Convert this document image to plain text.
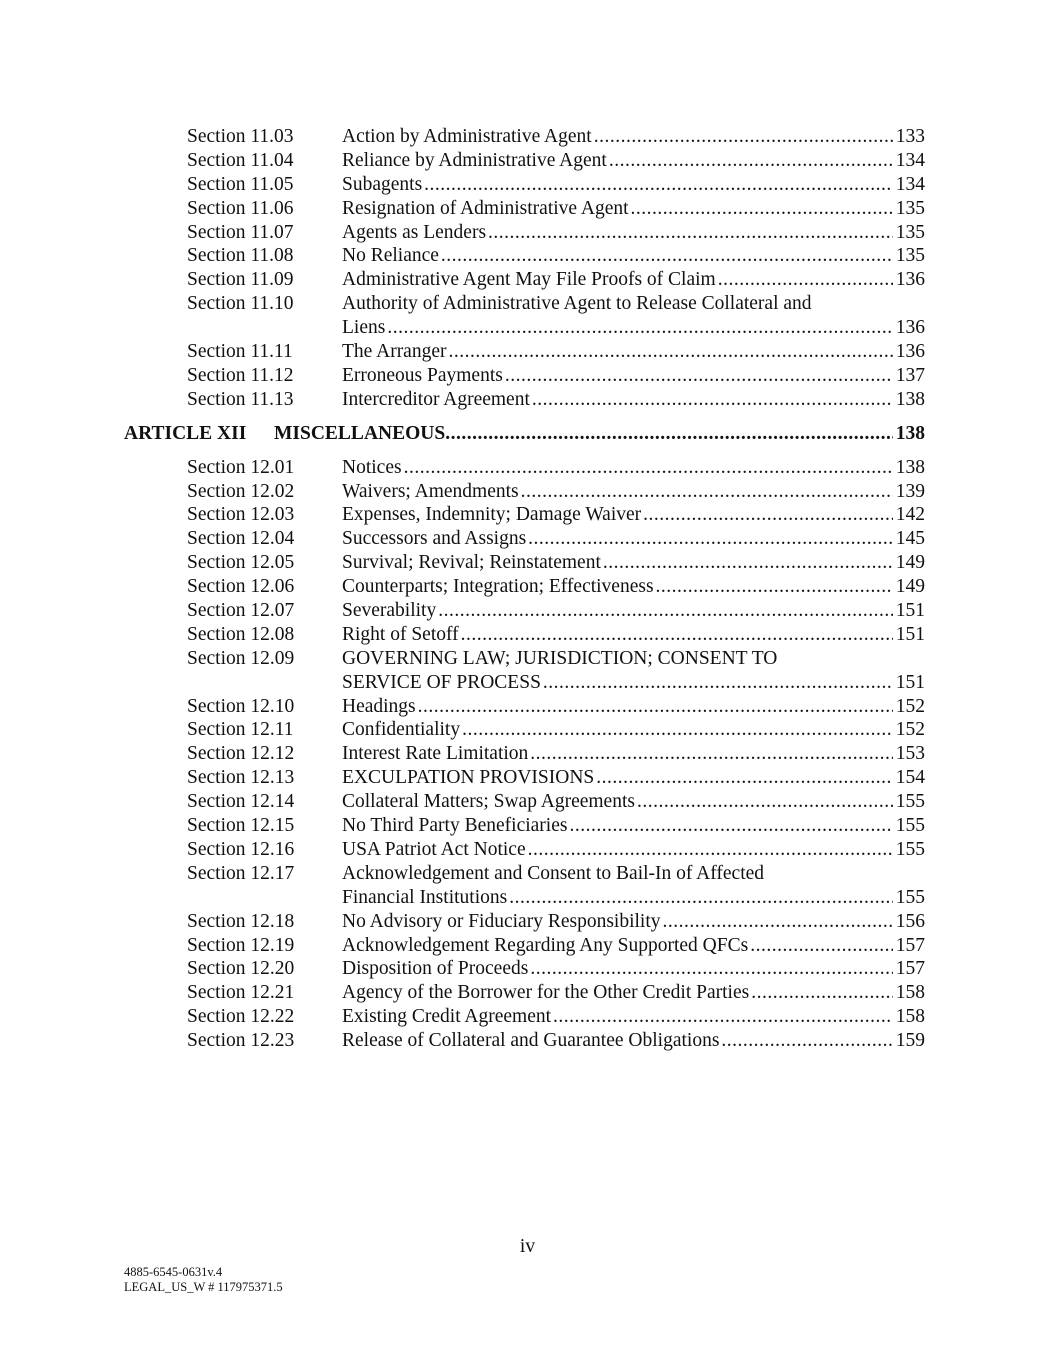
Section 11.03 Action by Administrative Agent .....	133
Section 11.04 Reliance by Administrative Agent .....	134
Section 11.05 Subagents .....	134
Section 11.06 Resignation of Administrative Agent .....	135
Section 11.07 Agents as Lenders .....	135
Section 11.08 No Reliance .....	135
Section 11.09 Administrative Agent May File Proofs of Claim .....	136
Section 11.10 Authority of Administrative Agent to Release Collateral and
Liens .....	136
Section 11.11	The Arranger .....	136
Section 11.12 Erroneous Payments .....	137
Section 11.13 Intercreditor Agreement .....	138
ARTICLE XII MISCELLANEOUS .....	138
Section 12.01 Notices .....	138
Section 12.02 Waivers; Amendments .....	139
Section 12.03 Expenses, Indemnity; Damage Waiver .....	142
Section 12.04 Successors and Assigns .....	145
Section 12.05 Survival; Revival; Reinstatement .....	149
Section 12.06 Counterparts; Integration; Effectiveness .....	149
Section 12.07 Severability .....	151
Section 12.08 Right of Setoff .....	151
Section 12.09 GOVERNING LAW; JURISDICTION; CONSENT TO
SERVICE OF PROCESS .....	151
Section 12.10 Headings .....	152
Section 12.11 Confidentiality .....	152
Section 12.12 Interest Rate Limitation .....	153
Section 12.13 EXCULPATION PROVISIONS .....	154
Section 12.14 Collateral Matters; Swap Agreements .....	155
Section 12.15 No Third Party Beneficiaries .....	155
Section 12.16 USA Patriot Act Notice .....	155
Section 12.17 Acknowledgement and Consent to Bail-In of Affected
Financial Institutions .....	155
Section 12.18 No Advisory or Fiduciary Responsibility .....	156
Section 12.19 Acknowledgement Regarding Any Supported QFCs .....	157
Section 12.20 Disposition of Proceeds .....	157
Section 12.21 Agency of the Borrower for the Other Credit Parties .....	158
Section 12.22 Existing Credit Agreement .....	158
Section 12.23 Release of Collateral and Guarantee Obligations .....	159
iv
4885-6545-0631v.4
LEGAL_US_W # 117975371.5
